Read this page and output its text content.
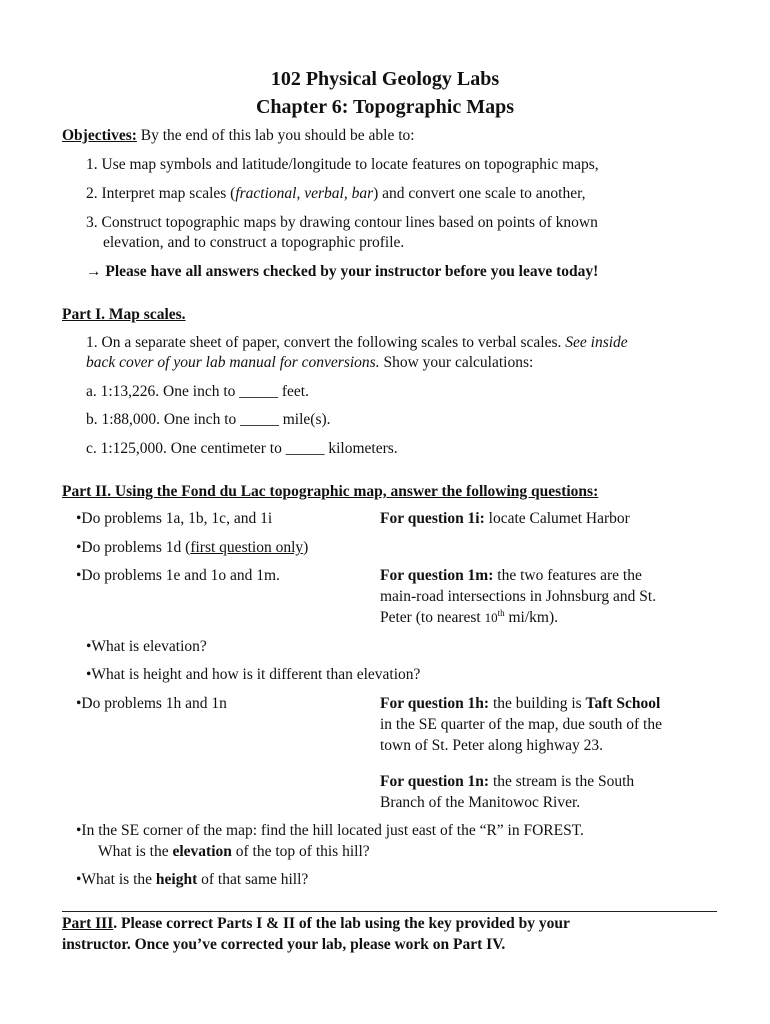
102 Physical Geology Labs
Chapter 6: Topographic Maps
Objectives: By the end of this lab you should be able to:
1. Use map symbols and latitude/longitude to locate features on topographic maps,
2. Interpret map scales (fractional, verbal, bar) and convert one scale to another,
3. Construct topographic maps by drawing contour lines based on points of known
elevation, and to construct a topographic profile.
→ Please have all answers checked by your instructor before you leave today!
Part I. Map scales.
1. On a separate sheet of paper, convert the following scales to verbal scales. See inside
back cover of your lab manual for conversions. Show your calculations:
a. 1:13,226. One inch to _____ feet.
b. 1:88,000. One inch to _____ mile(s).
c. 1:125,000. One centimeter to _____ kilometers.
Part II. Using the Fond du Lac topographic map, answer the following questions:
•Do problems 1a, 1b, 1c, and 1i	For question 1i: locate Calumet Harbor
•Do problems 1d (first question only)
•Do problems 1e and 1o and 1m.	For question 1m: the two features are the
main-road intersections in Johnsburg and St.
Peter (to nearest 10th mi/km).
•What is elevation?
•What is height and how is it different than elevation?
•Do problems 1h and 1n	For question 1h: the building is Taft School
in the SE quarter of the map, due south of the
town of St. Peter along highway 23.
For question 1n: the stream is the South
Branch of the Manitowoc River.
•In the SE corner of the map: find the hill located just east of the “R” in FOREST.
What is the elevation of the top of this hill?
•What is the height of that same hill?
Part III. Please correct Parts I & II of the lab using the key provided by your
instructor. Once you’ve corrected your lab, please work on Part IV.
